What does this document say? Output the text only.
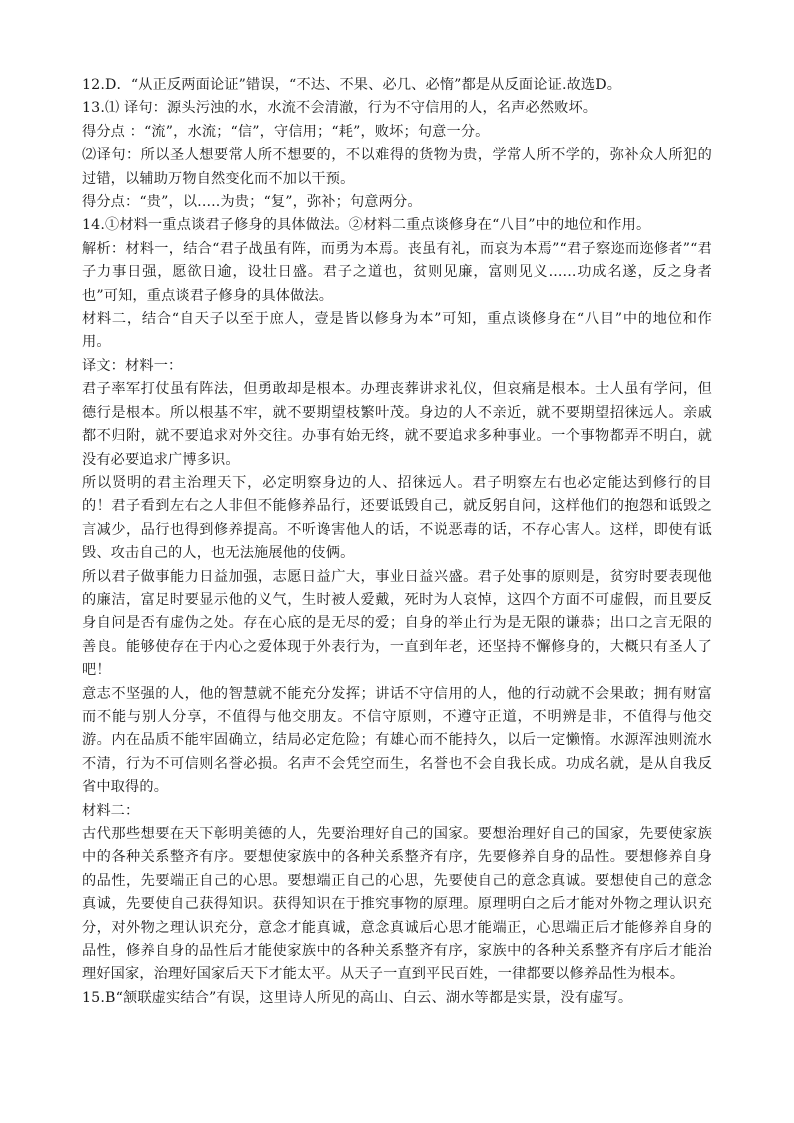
12.D．“从正反两面论证”错误，“不达、不果、必几、必惰”都是从反面论证.故选D。

13.⑴ 译句：源头污浊的水，水流不会清澈，行为不守信用的人，名声必然败坏。

得分点 ：“流”，水流；“信”，守信用；“耗”，败坏；句意一分。

⑵译句：所以圣人想要常人所不想要的，不以难得的货物为贵，学常人所不学的，弥补众人所犯的过错，以辅助万物自然变化而不加以干预。

得分点：“贵”，以.....为贵；“复”，弥补；句意两分。

14.①材料一重点谈君子修身的具体做法。②材料二重点谈修身在“八目”中的地位和作用。

解析：材料一，结合“君子战虽有阵，而勇为本焉。丧虽有礼，而哀为本焉”“君子察迩而迩修者”“君子力事日强，愿欲日逾，设壮日盛。君子之道也，贫则见廉，富则见义......功成名遂，反之身者也”可知，重点谈君子修身的具体做法。

材料二，结合“自天子以至于庶人，壹是皆以修身为本”可知，重点谈修身在“八目”中的地位和作用。

译文：材料一：

君子率军打仗虽有阵法，但勇敢却是根本。办理丧葬讲求礼仪，但哀痛是根本。士人虽有学问，但德行是根本。所以根基不牢，就不要期望枝繁叶茂。身边的人不亲近，就不要期望招徕远人。亲戚都不归附，就不要追求对外交往。办事有始无终，就不要追求多种事业。一个事物都弄不明白，就没有必要追求广博多识。

所以贤明的君主治理天下，必定明察身边的人、招徕远人。君子明察左右也必定能达到修行的目的！君子看到左右之人非但不能修养品行，还要诋毁自己，就反躬自问，这样他们的抱怨和诋毁之言减少，品行也得到修养提高。不听谗害他人的话，不说恶毒的话，不存心害人。这样，即使有诋毁、攻击自己的人，也无法施展他的伎俩。

所以君子做事能力日益加强，志愿日益广大，事业日益兴盛。君子处事的原则是，贫穷时要表现他的廉洁，富足时要显示他的义气，生时被人爱戴，死时为人哀悼，这四个方面不可虚假，而且要反身自问是否有虚伪之处。存在心底的是无尽的爱；自身的举止行为是无限的谦恭；出口之言无限的善良。能够使存在于内心之爱体现于外表行为，一直到年老，还坚持不懈修身的，大概只有圣人了吧！

意志不坚强的人，他的智慧就不能充分发挥；讲话不守信用的人，他的行动就不会果敢；拥有财富而不能与别人分享，不值得与他交朋友。不信守原则，不遵守正道，不明辨是非，不值得与他交游。内在品质不能牢固确立，结局必定危险；有雄心而不能持久，以后一定懒惰。水源浑浊则流水不清，行为不可信则名誉必损。名声不会凭空而生，名誉也不会自我长成。功成名就，是从自我反省中取得的。

材料二：

古代那些想要在天下彰明美德的人，先要治理好自己的国家。要想治理好自己的国家，先要使家族中的各种关系整齐有序。要想使家族中的各种关系整齐有序，先要修养自身的品性。要想修养自身的品性，先要端正自己的心思。要想端正自己的心思，先要使自己的意念真诚。要想使自己的意念真诚，先要使自己获得知识。获得知识在于推究事物的原理。原理明白之后才能对外物之理认识充分，对外物之理认识充分，意念才能真诚，意念真诚后心思才能端正，心思端正后才能修养自身的品性，修养自身的品性后才能使家族中的各种关系整齐有序，家族中的各种关系整齐有序后才能治理好国家，治理好国家后天下才能太平。从天子一直到平民百姓，一律都要以修养品性为根本。

15.B“颔联虚实结合”有误，这里诗人所见的高山、白云、湖水等都是实景，没有虚写。
